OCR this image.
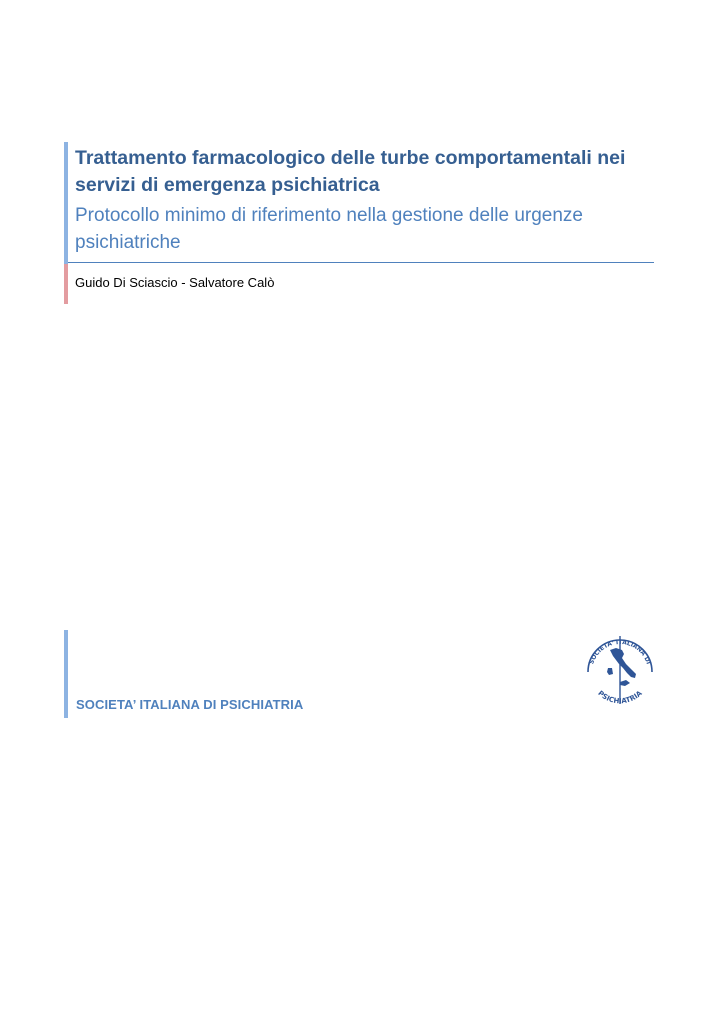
Trattamento farmacologico delle turbe comportamentali nei servizi di emergenza psichiatrica
Protocollo minimo di riferimento nella gestione delle urgenze psichiatriche
Guido Di Sciascio - Salvatore Calò
SOCIETA’ ITALIANA DI PSICHIATRIA
SOCIETA' ITALIANA DI
PSICHIATRIA
